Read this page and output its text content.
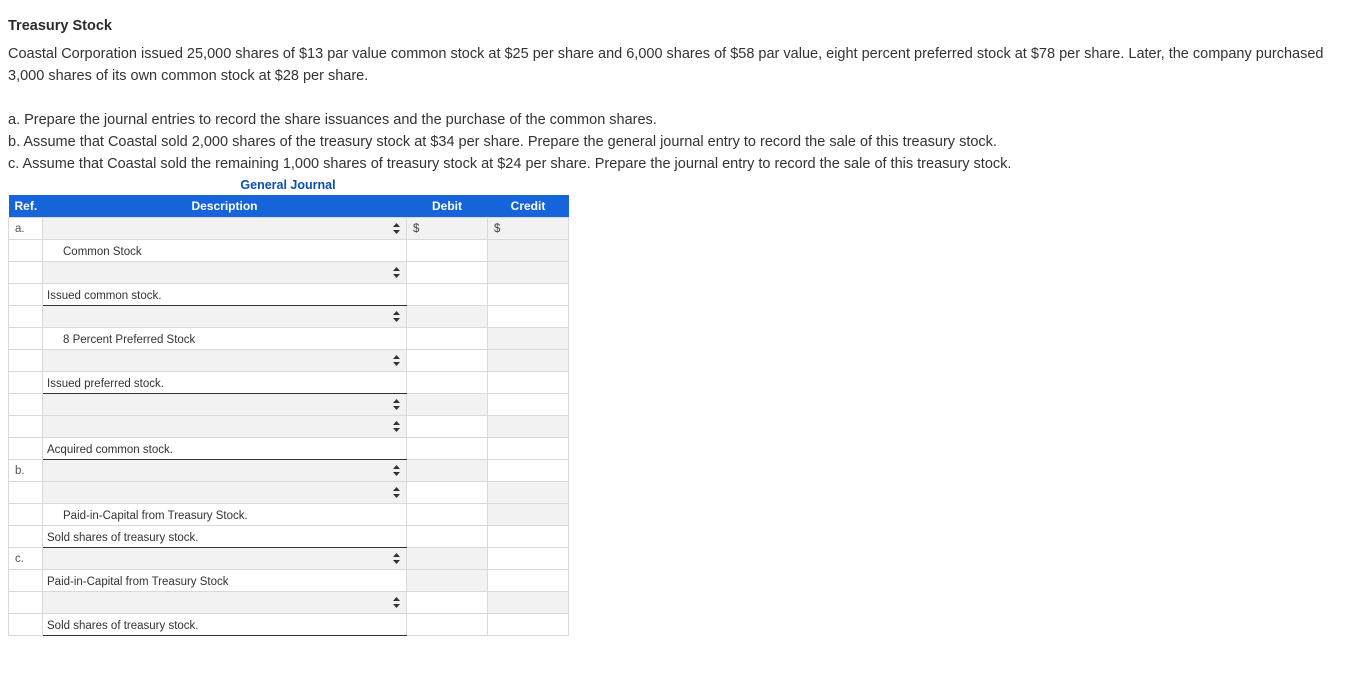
Treasury Stock
Coastal Corporation issued 25,000 shares of $13 par value common stock at $25 per share and 6,000 shares of $58 par value, eight percent preferred stock at $78 per share. Later, the company purchased 3,000 shares of its own common stock at $28 per share.
a. Prepare the journal entries to record the share issuances and the purchase of the common shares.
b. Assume that Coastal sold 2,000 shares of the treasury stock at $34 per share. Prepare the general journal entry to record the sale of this treasury stock.
c. Assume that Coastal sold the remaining 1,000 shares of treasury stock at $24 per share. Prepare the journal entry to record the sale of this treasury stock.
General Journal
Ref.	Description	Debit	Credit
a.		$	$
	Common Stock		

	Issued common stock.		

	8 Percent Preferred Stock		

	Issued preferred stock.		

	Acquired common stock.		
b.	

	Paid-in-Capital from Treasury Stock.		
	Sold shares of treasury stock.		
c.	

	Paid-in-Capital from Treasury Stock		

	Sold shares of treasury stock.		
